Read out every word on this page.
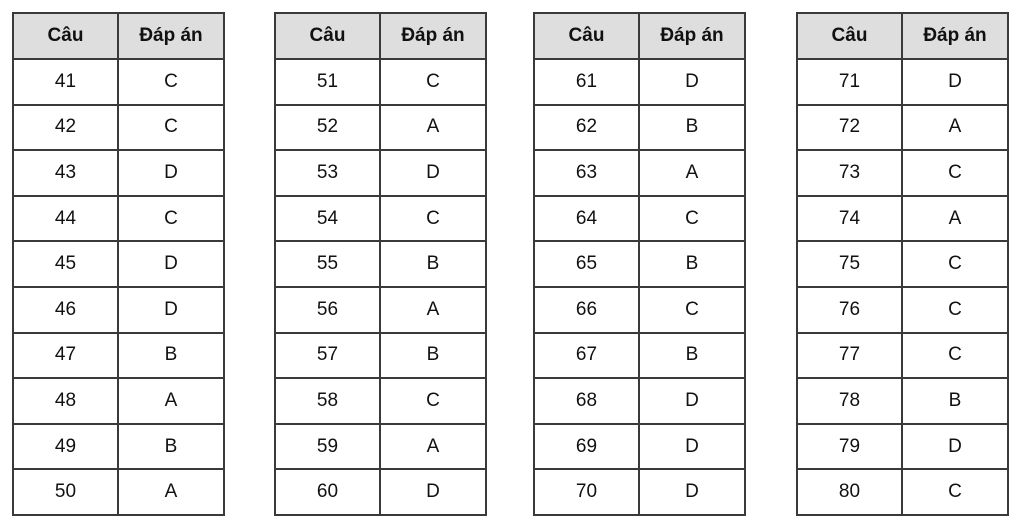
Câu	Đáp án
41	C
42	C
43	D
44	C
45	D
46	D
47	B
48	A
49	B
50	A
Câu	Đáp án
51	C
52	A
53	D
54	C
55	B
56	A
57	B
58	C
59	A
60	D
Câu	Đáp án
61	D
62	B
63	A
64	C
65	B
66	C
67	B
68	D
69	D
70	D
Câu	Đáp án
71	D
72	A
73	C
74	A
75	C
76	C
77	C
78	B
79	D
80	C
